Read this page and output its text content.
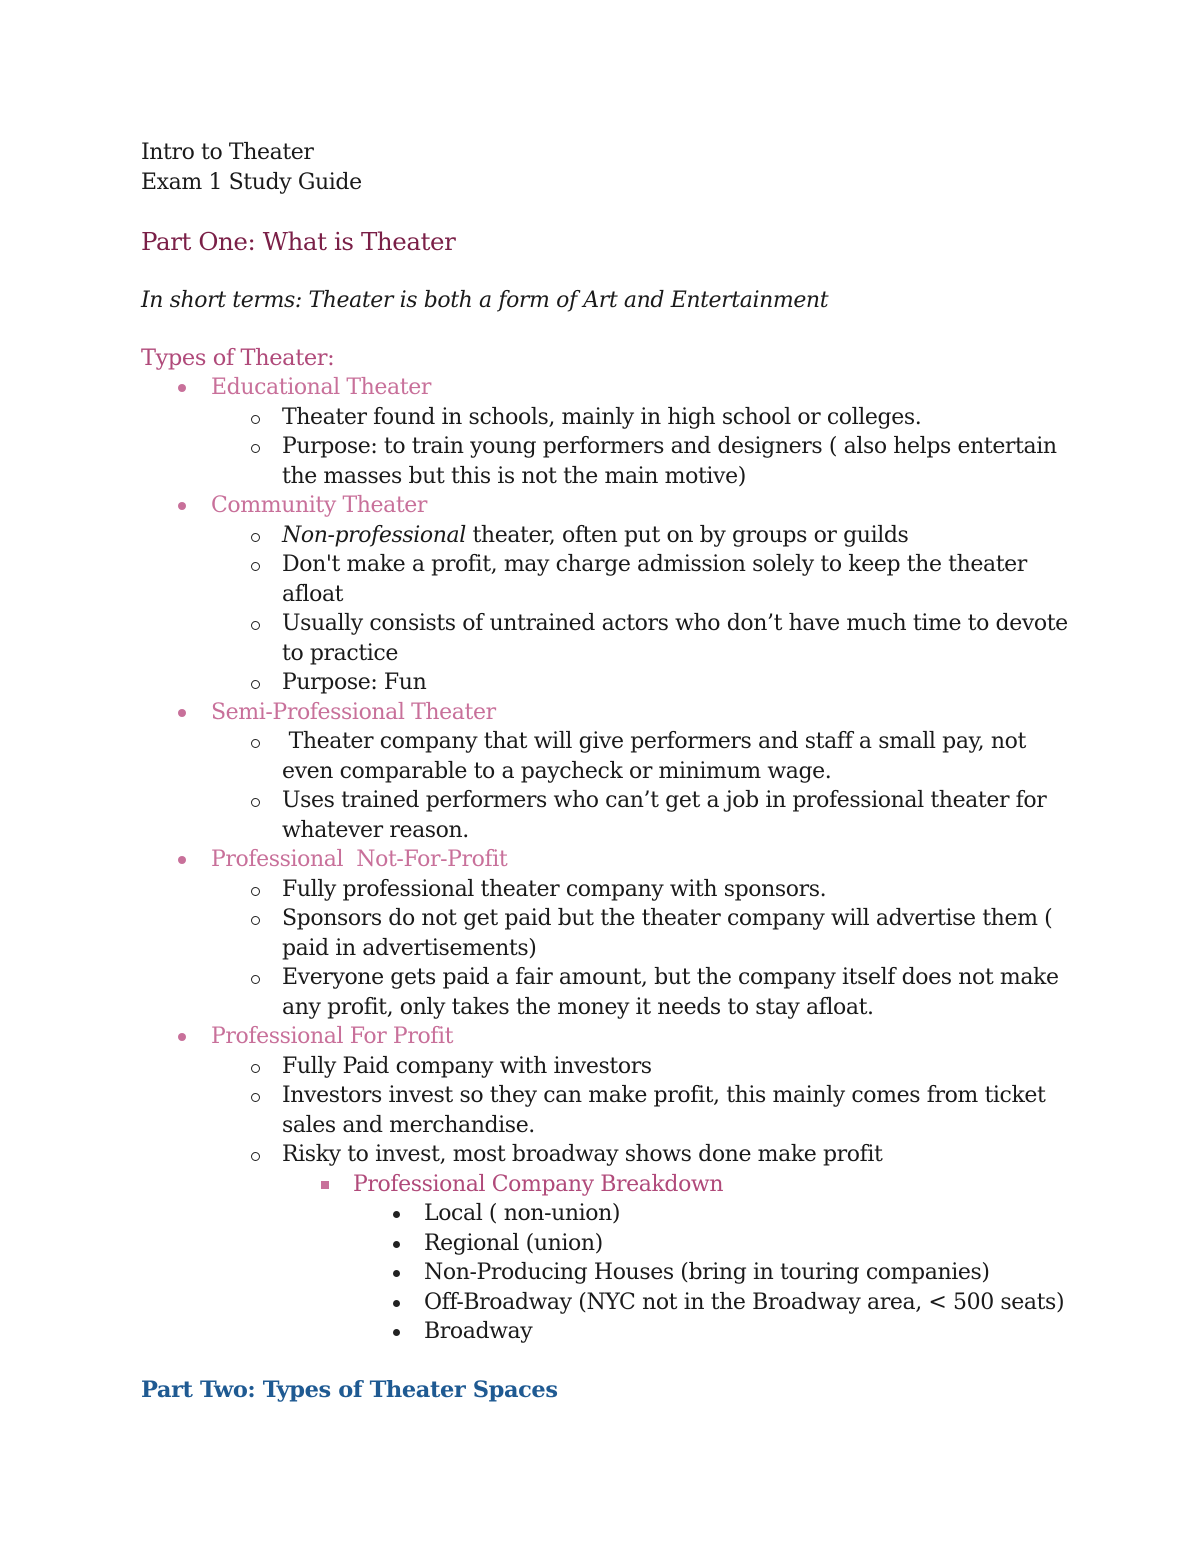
Intro to Theater

Exam 1 Study Guide

Part One: What is Theater

In short terms: Theater is both a form of Art and Entertainment

Types of Theater:

Educational Theater
Theater found in schools, mainly in high school or colleges.
Purpose: to train young performers and designers ( also helps entertain the masses but this is not the main motive)
Community Theater
Non-professional theater, often put on by groups or guilds
Don't make a profit, may charge admission solely to keep the theater afloat
Usually consists of untrained actors who don’t have much time to devote to practice
Purpose: Fun
Semi-Professional Theater
Theater company that will give performers and staff a small pay, not even comparable to a paycheck or minimum wage.
Uses trained performers who can’t get a job in professional theater for whatever reason.
Professional  Not-For-Profit
Fully professional theater company with sponsors.
Sponsors do not get paid but the theater company will advertise them ( paid in advertisements)
Everyone gets paid a fair amount, but the company itself does not make any profit, only takes the money it needs to stay afloat.
Professional For Profit
Fully Paid company with investors
Investors invest so they can make profit, this mainly comes from ticket sales and merchandise.
Risky to invest, most broadway shows done make profit
Professional Company Breakdown
Local ( non-union)
Regional (union)
Non-Producing Houses (bring in touring companies)
Off-Broadway (NYC not in the Broadway area, < 500 seats)
Broadway
Part Two: Types of Theater Spaces
